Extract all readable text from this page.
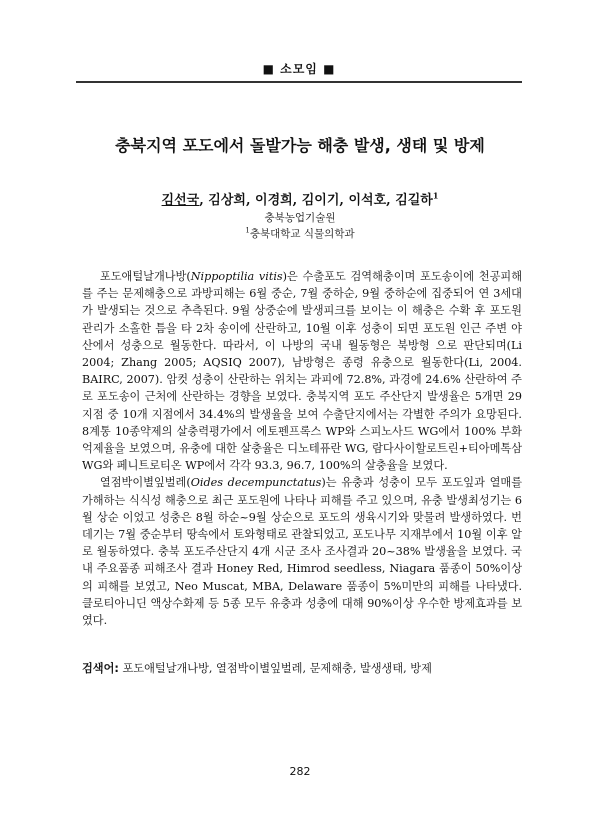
■ 소모임 ■
충북지역 포도에서 돌발가능 해충 발생, 생태 및 방제
김선국, 김상희, 이경희, 김이기, 이석호, 김길하$^1$
충북농업기술원
$^1$충북대학교 식물의학과

포도애털날개나방(Nippoptilia vitis)은 수출포도 검역해충이며 포도송이에 천공피해를 주는 문제해충으로 과방피해는 6월 중순, 7월 중하순, 9월 중하순에 집중되어 연 3세대가 발생되는 것으로 추측된다. 9월 상중순에 발생피크를 보이는 이 해충은 수확 후 포도원 관리가 소홀한 틈을 타 2차 송이에 산란하고, 10월 이후 성충이 되면 포도원 인근 주변 야산에서 성충으로 월동한다. 따라서, 이 나방의 국내 월동형은 북방형 으로 판단되며(Li 2004; Zhang 2005; AQSIQ 2007), 남방형은 종령 유충으로 월동한다(Li, 2004. BAIRC, 2007). 암컷 성충이 산란하는 위치는 과피에 72.8%, 과경에 24.6% 산란하여 주로 포도송이 근처에 산란하는 경향을 보였다. 충북지역 포도 주산단지 발생율은 5개면 29지점 중 10개 지점에서 34.4%의 발생율을 보여 수출단지에서는 각별한 주의가 요망된다. 8계통 10종약제의 살충력평가에서 에토펜프록스 WP와 스피노사드 WG에서 100% 부화억제율을 보였으며, 유충에 대한 살충율은 디노테퓨란 WG, 람다사이할로트린+티아메톡삼 WG와 페니트로티온 WP에서 각각 93.3, 96.7, 100%의 살충율을 보였다.

열점박이별잎벌레(Oides decempunctatus)는 유충과 성충이 모두 포도잎과 열매를 가해하는 식식성 해충으로 최근 포도원에 나타나 피해를 주고 있으며, 유충 발생최성기는 6월 상순 이었고 성충은 8월 하순~9월 상순으로 포도의 생육시기와 맞물려 발생하였다. 번데기는 7월 중순부터 땅속에서 토와형태로 관찰되었고, 포도나무 지재부에서 10월 이후 알로 월동하였다. 충북 포도주산단지 4개 시군 조사 조사결과 20~38% 발생율을 보였다. 국내 주요품종 피해조사 결과 Honey Red, Himrod seedless, Niagara 품종이 50%이상의 피해를 보였고, Neo Muscat, MBA, Delaware 품종이 5%미만의 피해를 나타냈다. 클로티아니딘 액상수화제 등 5종 모두 유충과 성충에 대해 90%이상 우수한 방제효과를 보였다.

검색어: 포도애털날개나방, 열점박이별잎벌레, 문제해충, 발생생태, 방제
282
